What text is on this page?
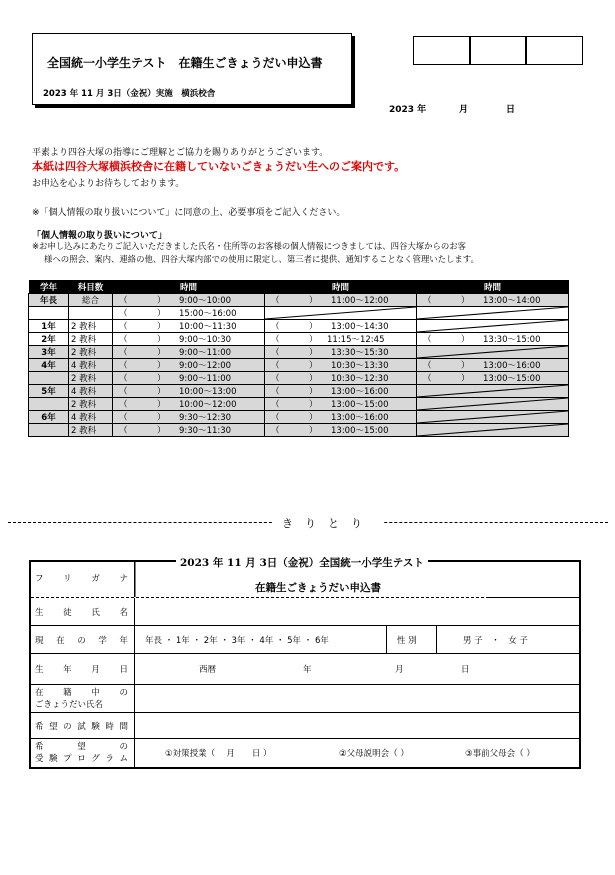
全国統一小学生テスト　在籍生ごきょうだい申込書
2023 年 11 月 3日（金祝）実施　横浜校舎
2023 年	月	日
平素より四谷大塚の指導にご理解とご協力を賜りありがとうございます。
本紙は四谷大塚横浜校舎に在籍していないごきょうだい生へのご案内です。
お申込を心よりお待ちしております。
※「個人情報の取り扱いについて」に同意の上、必要事項をご記入ください。
「個人情報の取り扱いについて」
※お申し込みにあたりご記入いただきました氏名・住所等のお客様の個人情報につきましては、四谷大塚からのお客
様への照会、案内、連絡の他、四谷大塚内部での使用に限定し、第三者に提供、通知することなく管理いたします。
学年	科目数	時間	時間	時間
年長	総合	（ ） 9:00～10:00	（ ） 11:00～12:00	（ ） 13:00～14:00

		（ ） 15:00～16:00

1年	2 教科	（ ） 10:00～11:30	（ ） 13:00～14:30

2年	2 教科	（ ） 9:00～10:30	（ ） 11:15～12:45	（ ） 13:30～15:00

3年	2 教科	（ ） 9:00～11:00	（ ） 13:30～15:30

4年	4 教科	（ ） 9:00～12:00	（ ） 10:30～13:30	（ ） 13:00～16:00

	2 教科	（ ） 9:00～11:00	（ ） 10:30～12:30	（ ） 13:00～15:00

5年	4 教科	（ ） 10:00～13:00	（ ） 13:00～16:00

	2 教科	（ ） 10:00～12:00	（ ） 13:00～15:00

6年	4 教科	（ ） 9:30～12:30	（ ） 13:00～16:00

	2 教科	（ ） 9:30～11:30	（ ） 13:00～15:00

きりとり
2023 年 11 月 3日（金祝）全国統一小学生テスト
在籍生ごきょうだい申込書
フ リ ガ ナ
生 徒 氏 名
現 在 の 学 年 年長 ・ 1年 ・ 2年 ・ 3年 ・ 4年 ・ 5年 ・ 6年	性 別	男 子　・　女 子
生 年 月 日	西暦	年	月	日
在 籍 中 の
ごきょうだい氏名
希 望 の 試 験 時 間
希	望	の
受 験 プ ロ グ ラ ム	①対策授業（　 月　　日 ）	②父母説明会（ ）	③事前父母会（ ）
